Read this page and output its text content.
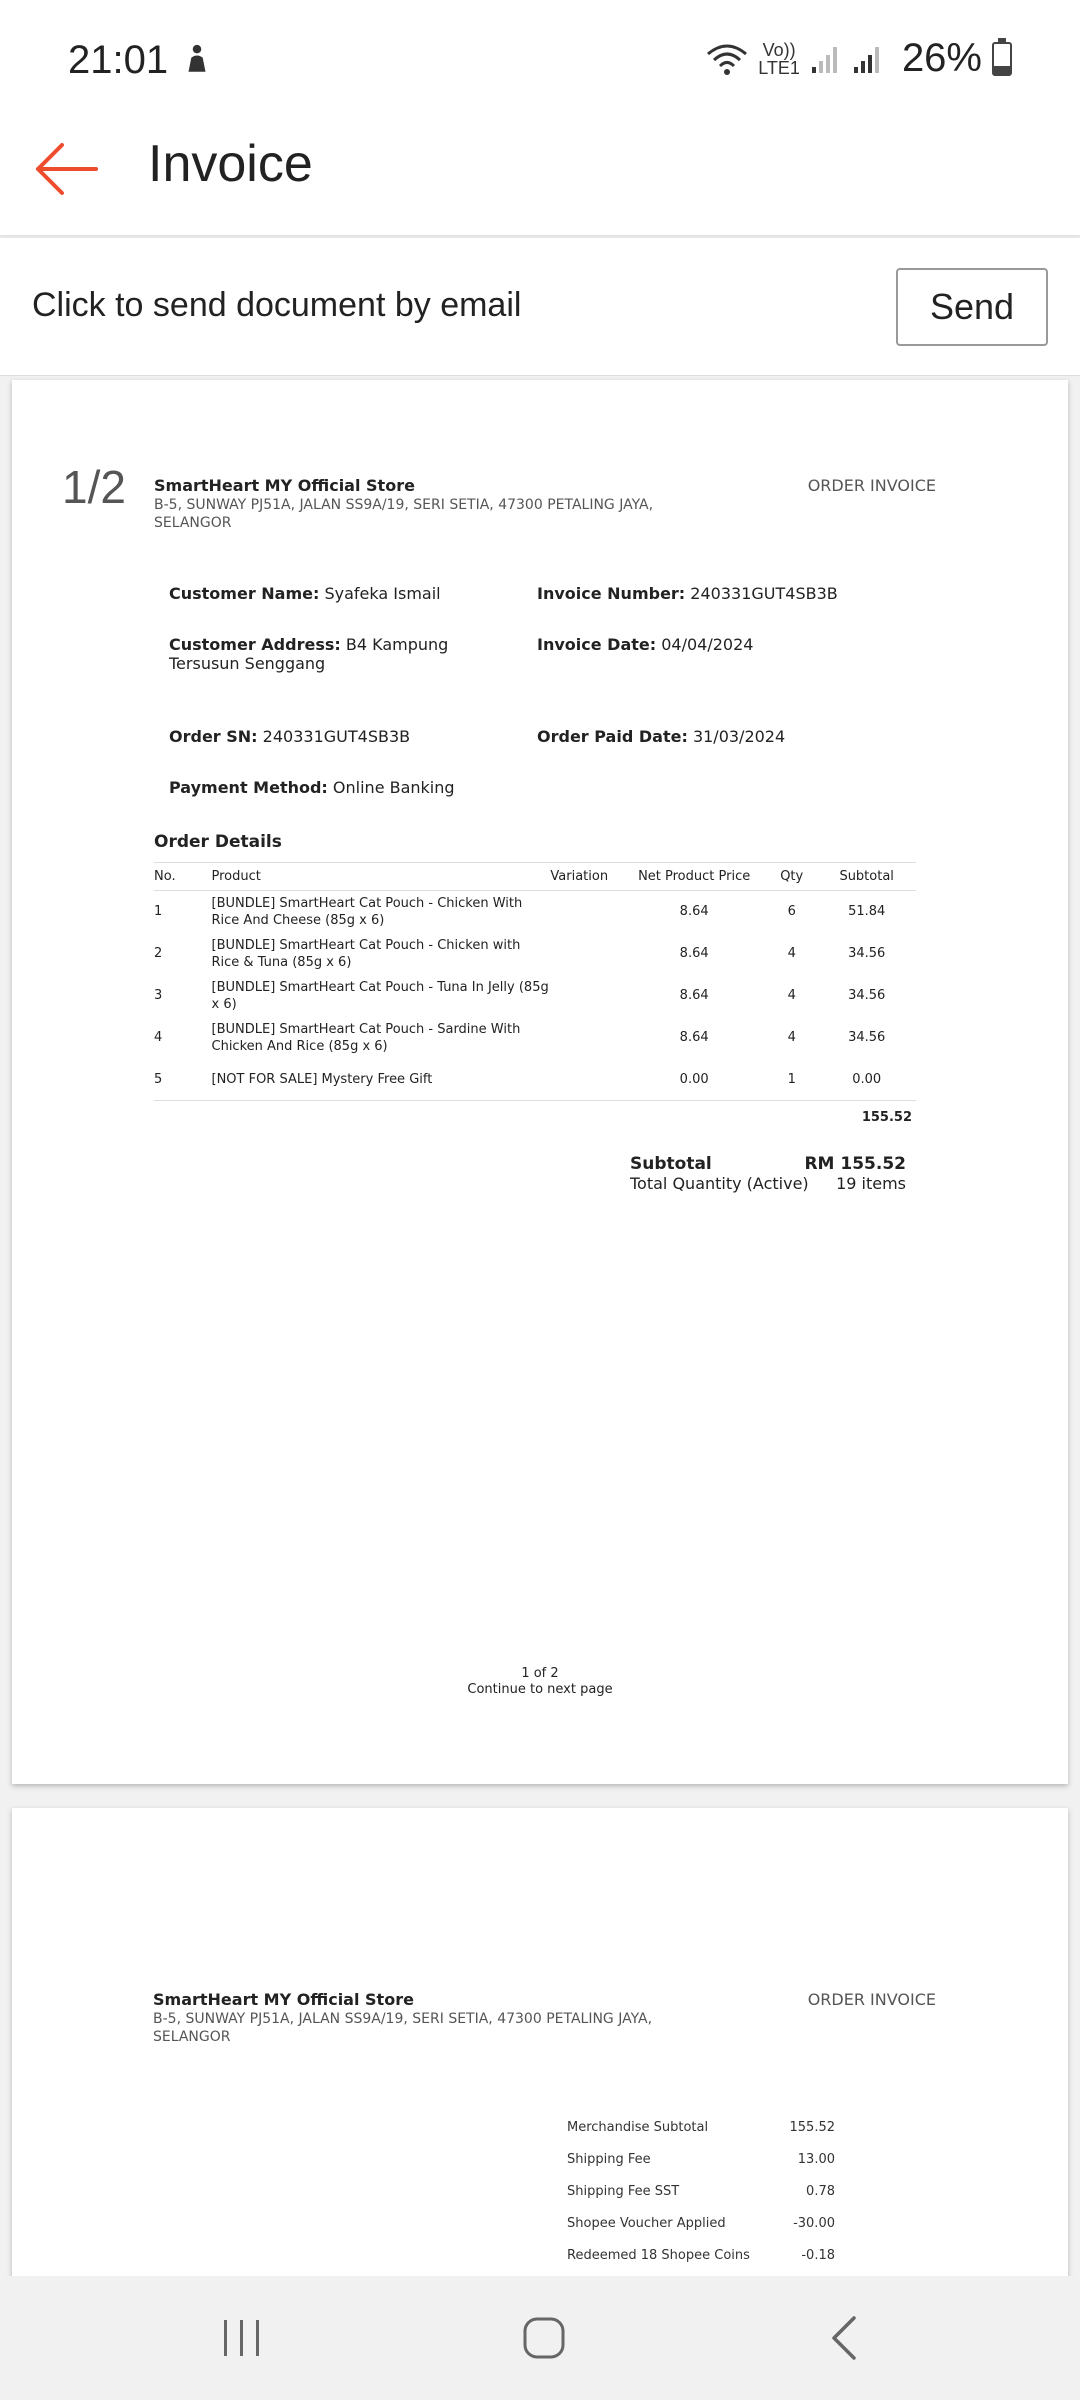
21:01	Vo))
LTE1	26%
Invoice
Click to send document by email	Send
1/2 SmartHeart MY Official Store
B-5, SUNWAY PJ51A, JALAN SS9A/19, SERI SETIA, 47300 PETALING JAYA, SELANGOR
ORDER INVOICE
Customer Name: Syafeka Ismail	Invoice Number: 240331GUT4SB3B
Customer Address: B4 Kampung Tersusun Senggang
Invoice Date: 04/04/2024
Order SN: 240331GUT4SB3B	Order Paid Date: 31/03/2024
Payment Method: Online Banking
Order Details
No.	Product	Variation	Net Product Price	Qty	Subtotal
1	[BUNDLE] SmartHeart Cat Pouch - Chicken With Rice And Cheese (85g x 6)		8.64	6	51.84
2	[BUNDLE] SmartHeart Cat Pouch - Chicken with Rice & Tuna (85g x 6)		8.64	4	34.56
3	[BUNDLE] SmartHeart Cat Pouch - Tuna In Jelly (85g x 6)		8.64	4	34.56
4	[BUNDLE] SmartHeart Cat Pouch - Sardine With Chicken And Rice (85g x 6)		8.64	4	34.56
5	[NOT FOR SALE] Mystery Free Gift		0.00	1	0.00
155.52
Subtotal	RM 155.52
Total Quantity (Active) 19 items
1 of 2
Continue to next page
SmartHeart MY Official Store
B-5, SUNWAY PJ51A, JALAN SS9A/19, SERI SETIA, 47300 PETALING JAYA, SELANGOR
ORDER INVOICE
Merchandise Subtotal	155.52
Shipping Fee	13.00
Shipping Fee SST	0.78
Shopee Voucher Applied	-30.00
Redeemed 18 Shopee Coins	-0.18
